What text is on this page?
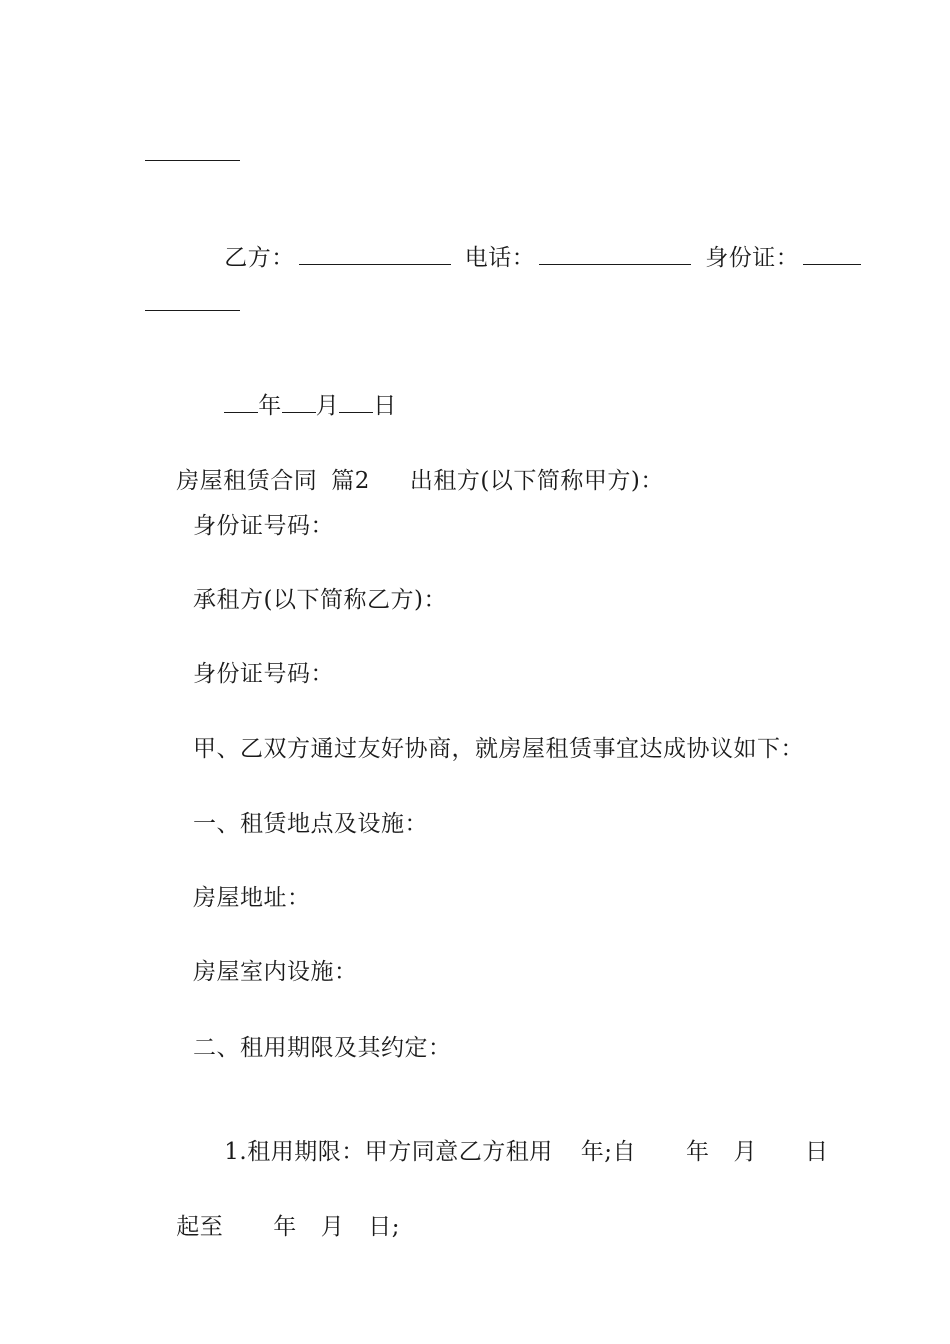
乙方：	电话：	身份证：

年 月 日

房屋租赁合同 篇2 出租方(以下简称甲方)：

身份证号码：
承租方(以下简称乙方)：
身份证号码：
甲、乙双方通过友好协商，就房屋租赁事宜达成协议如下：
一、租赁地点及设施：
房屋地址：
房屋室内设施：
二、租用期限及其约定：

1.租用期限：甲方同意乙方租用 年;自 年 月 日

起至 年 月 日;
